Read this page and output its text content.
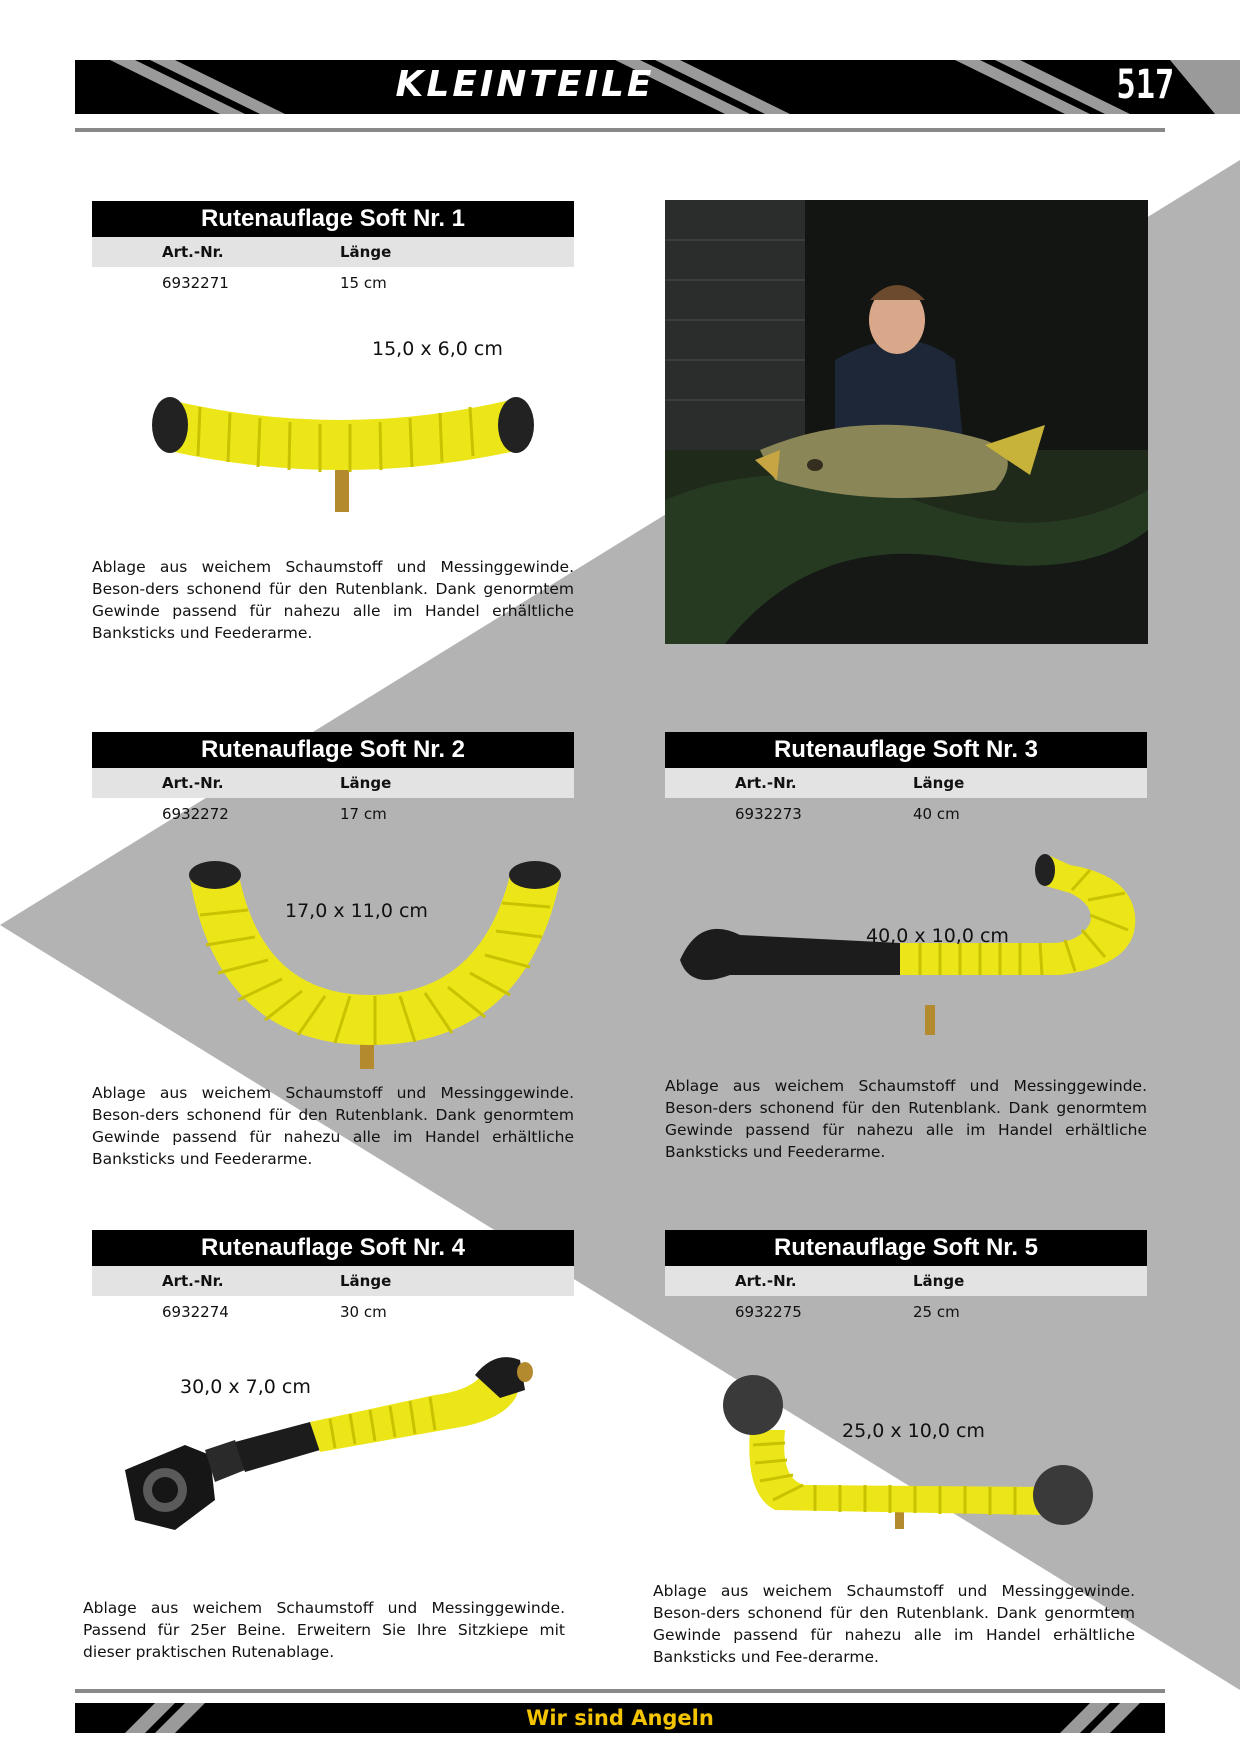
KLEINTEILE	517
Rutenauflage Soft Nr. 1
Art.-Nr.	Länge
6932271	15 cm
15,0 x 6,0 cm
Ablage aus weichem Schaumstoff und Messinggewinde. Beson-ders schonend für den Rutenblank. Dank genormtem Gewinde passend für nahezu alle im Handel erhältliche Banksticks und Feederarme.
Rutenauflage Soft Nr. 2
Art.-Nr.	Länge
6932272	17 cm
17,0 x 11,0 cm
Ablage aus weichem Schaumstoff und Messinggewinde. Beson-ders schonend für den Rutenblank. Dank genormtem Gewinde passend für nahezu alle im Handel erhältliche Banksticks und Feederarme.
Rutenauflage Soft Nr. 3
Art.-Nr.	Länge
6932273	40 cm
40,0 x 10,0 cm
Ablage aus weichem Schaumstoff und Messinggewinde. Beson-ders schonend für den Rutenblank. Dank genormtem Gewinde passend für nahezu alle im Handel erhältliche Banksticks und Feederarme.
Rutenauflage Soft Nr. 4
Art.-Nr.	Länge
6932274	30 cm
30,0 x 7,0 cm
Ablage aus weichem Schaumstoff und Messinggewinde. Passend für 25er Beine. Erweitern Sie Ihre Sitzkiepe mit dieser praktischen Rutenablage.
Rutenauflage Soft Nr. 5
Art.-Nr.	Länge
6932275	25 cm
25,0 x 10,0 cm
Ablage aus weichem Schaumstoff und Messinggewinde. Beson-ders schonend für den Rutenblank. Dank genormtem Gewinde passend für nahezu alle im Handel erhältliche Banksticks und Fee-derarme.
Wir sind Angeln
